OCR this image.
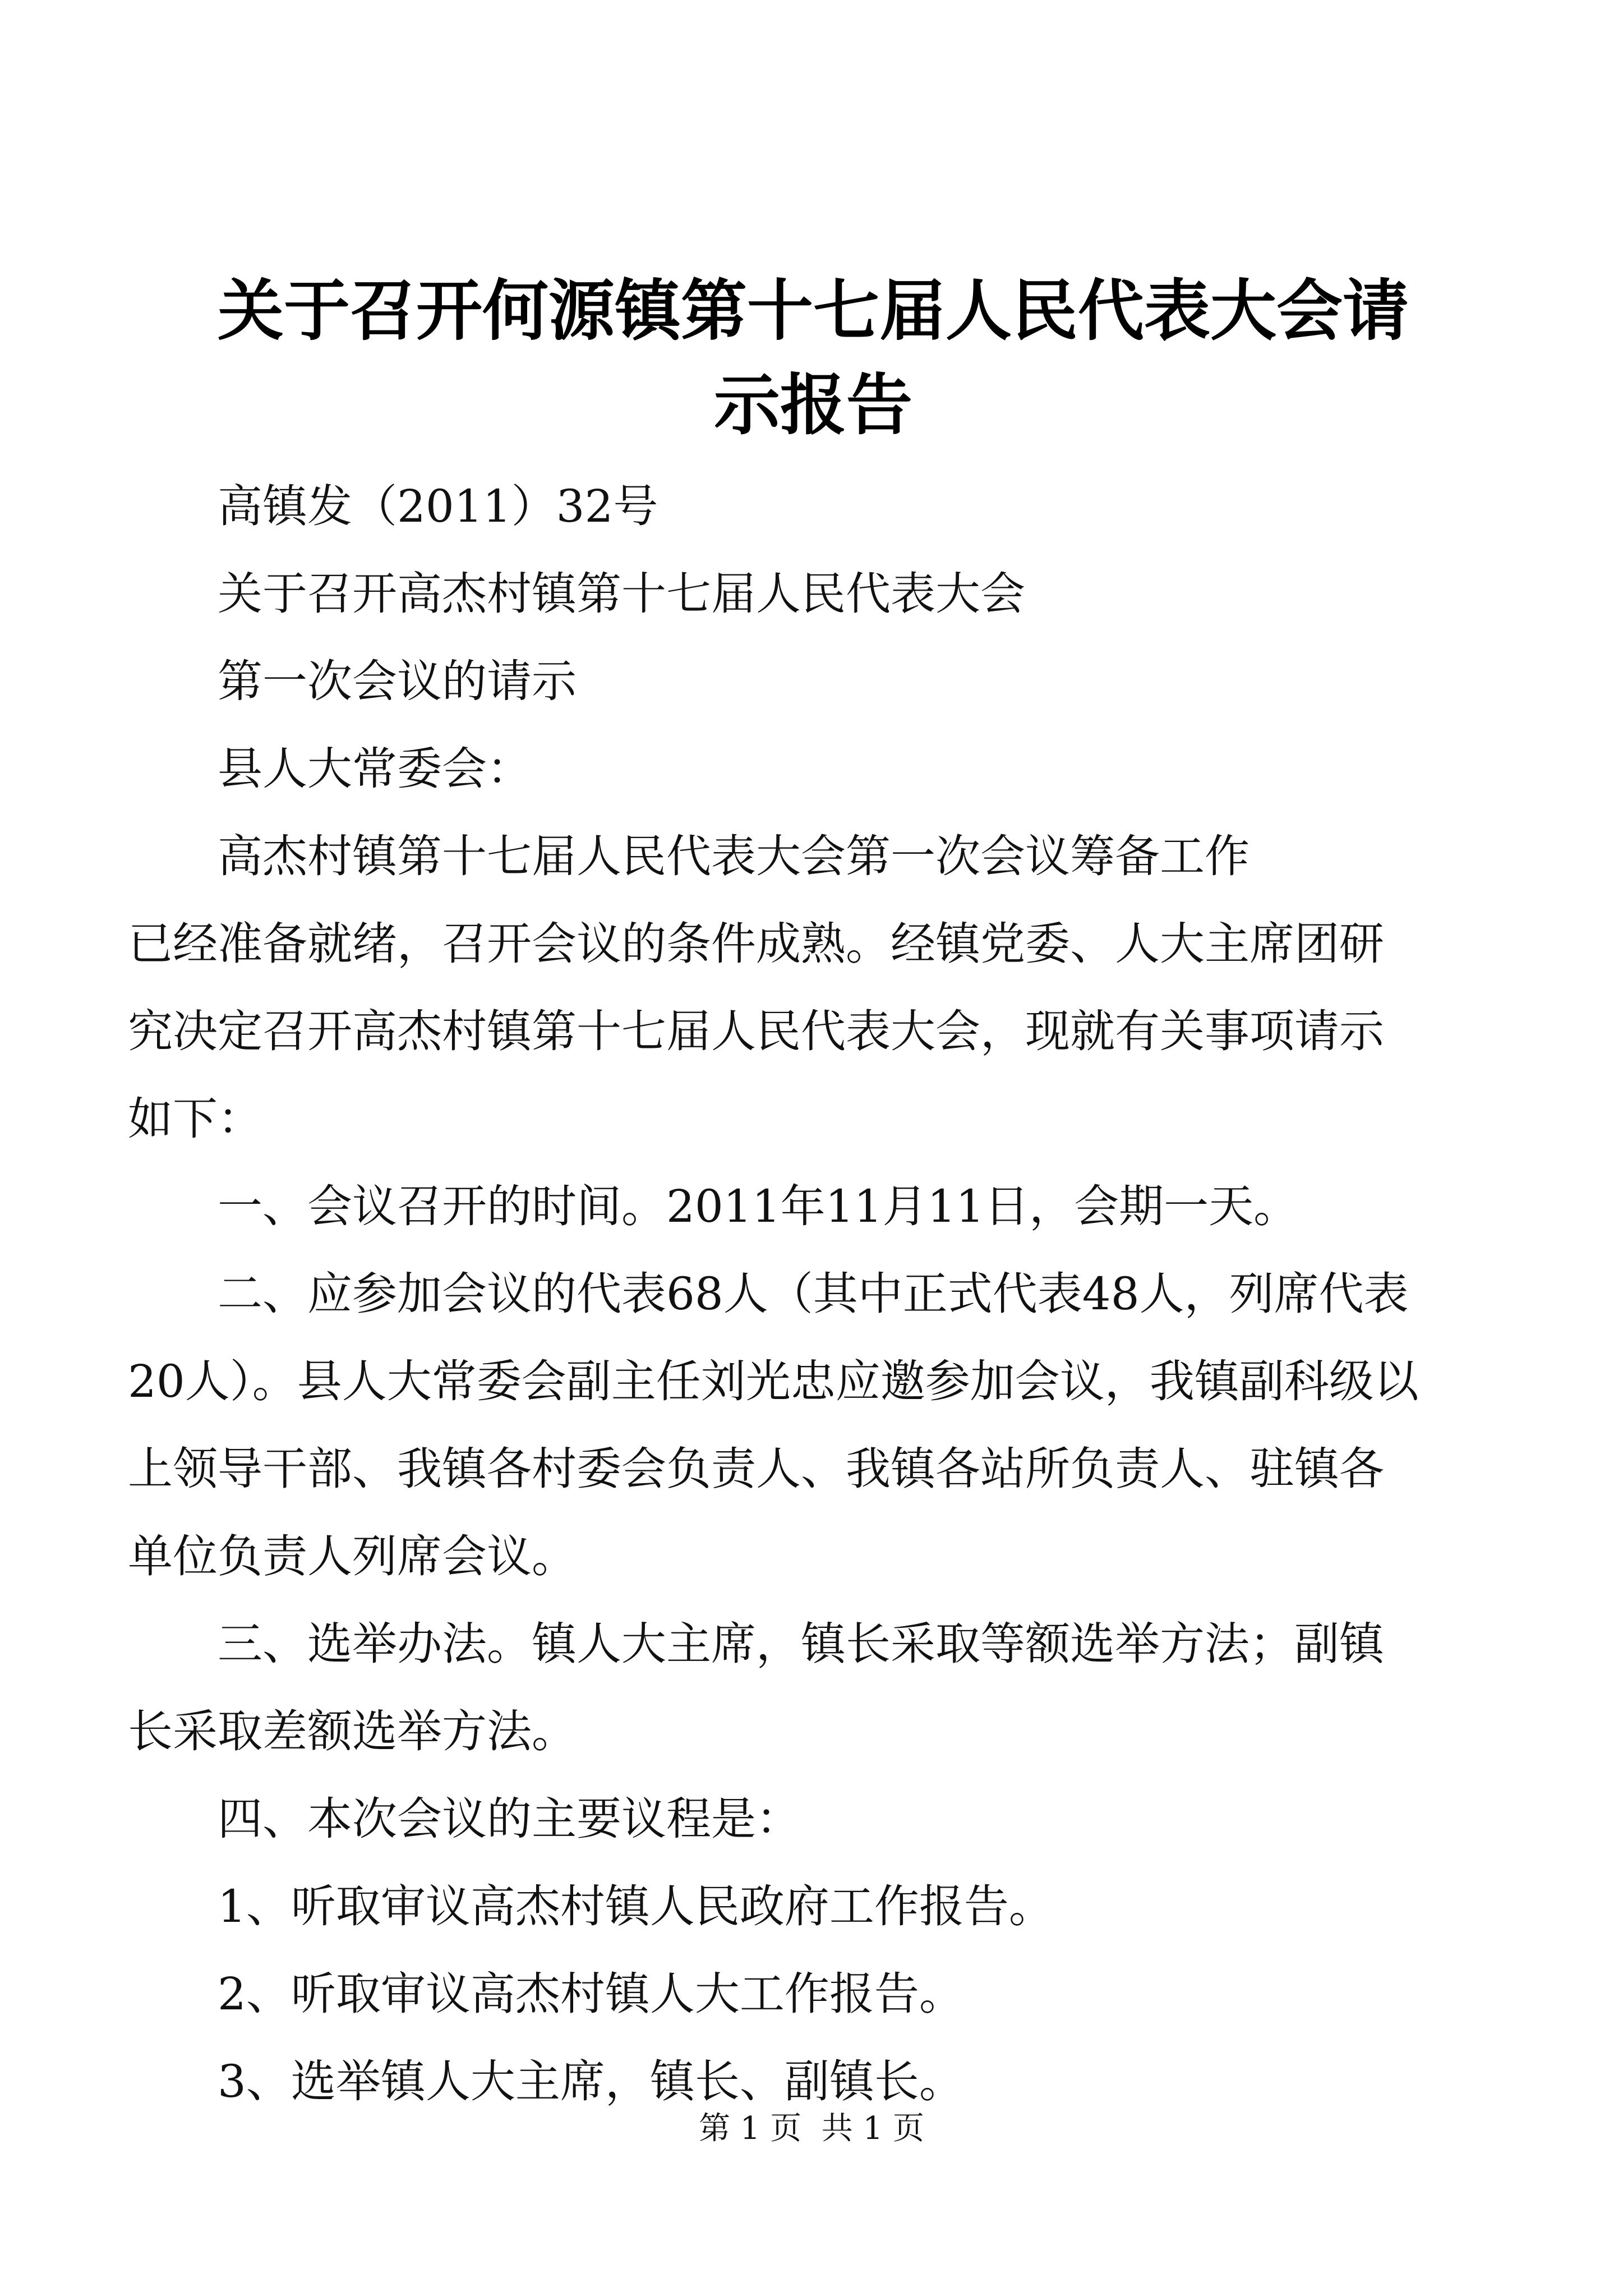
关于召开何源镇第十七届人民代表大会请示报告

高镇发（2011）32号

关于召开高杰村镇第十七届人民代表大会

第一次会议的请示

县人大常委会：

高杰村镇第十七届人民代表大会第一次会议筹备工作

已经准备就绪，召开会议的条件成熟。经镇党委、人大主席团研究决定召开高杰村镇第十七届人民代表大会，现就有关事项请示如下：

一、会议召开的时间。2011年11月11日，会期一天。

二、应参加会议的代表68人（其中正式代表48人，列席代表20人）。县人大常委会副主任刘光忠应邀参加会议，我镇副科级以上领导干部、我镇各村委会负责人、我镇各站所负责人、驻镇各单位负责人列席会议。

三、选举办法。镇人大主席，镇长采取等额选举方法；副镇长采取差额选举方法。

四、本次会议的主要议程是：

1、听取审议高杰村镇人民政府工作报告。

2、听取审议高杰村镇人大工作报告。

3、选举镇人大主席，镇长、副镇长。

第 1 页  共 1 页
